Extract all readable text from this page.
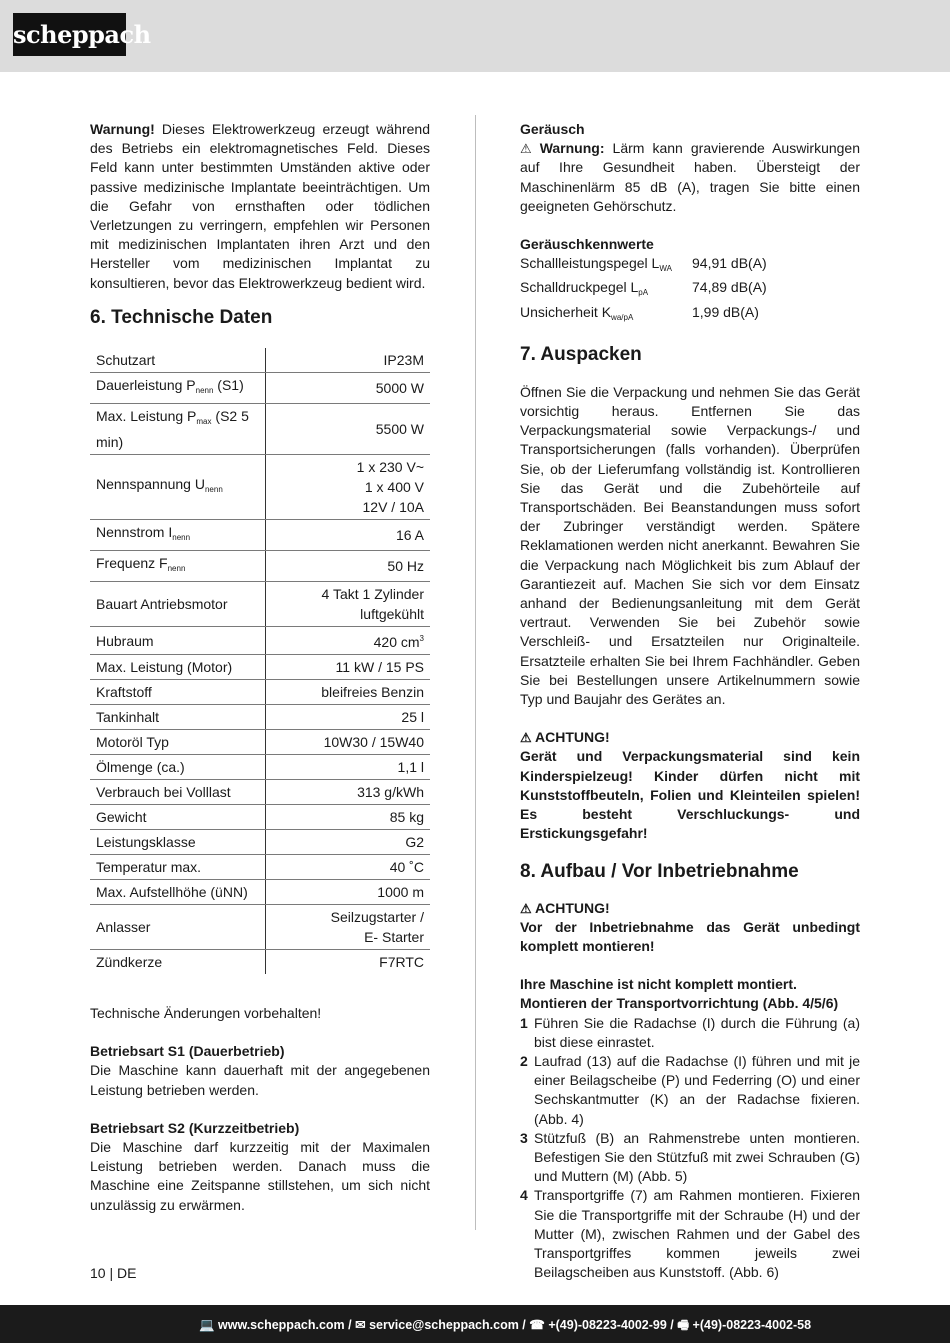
scheppach

Warnung! Dieses Elektrowerkzeug erzeugt während des Betriebs ein elektromagnetisches Feld. Dieses Feld kann unter bestimmten Umständen aktive oder passive medizinische Implantate beeinträchtigen. Um die Gefahr von ernsthaften oder tödlichen Verletzungen zu verringern, empfehlen wir Personen mit medizinischen Implantaten ihren Arzt und den Hersteller vom medizinischen Implantat zu konsultieren, bevor das Elektrowerkzeug bedient wird.

6. Technische Daten
Schutzart	IP23M
Dauerleistung $P_{nenn}$ (S1)	5000 W
Max. Leistung $P_{max}$ (S2 5 min)	5500 W
Nennspannung $U_{nenn}$	1 x 230 V~
1 x 400 V
12V / 10A

Nennstrom $I_{nenn}$	16 A
Frequenz $F_{nenn}$	50 Hz
Bauart Antriebsmotor	4 Takt 1 Zylinder
luftgekühlt

Hubraum	420 $cm^3$
Max. Leistung (Motor)	11 kW / 15 PS
Kraftstoff	bleifreies Benzin
Tankinhalt	25 l
Motoröl Typ	10W30 / 15W40
Ölmenge (ca.)	1,1 l
Verbrauch bei Volllast	313 g/kWh
Gewicht	85 kg
Leistungsklasse	G2
Temperatur max.	40 ˚C
Max. Aufstellhöhe (üNN)	1000 m
Anlasser	Seilzugstarter /
E- Starter

Zündkerze	F7RTC

Technische Änderungen vorbehalten!

Betriebsart S1 (Dauerbetrieb)

Die Maschine kann dauerhaft mit der angegebenen Leistung betrieben werden.

Betriebsart S2 (Kurzzeitbetrieb)

Die Maschine darf kurzzeitig mit der Maximalen Leistung betrieben werden. Danach muss die Maschine eine Zeitspanne stillstehen, um sich nicht unzulässig zu erwärmen.

Geräusch

⚠ Warnung: Lärm kann gravierende Auswirkungen auf Ihre Gesundheit haben. Übersteigt der Maschinenlärm 85 dB (A), tragen Sie bitte einen geeigneten Gehörschutz.

Geräuschkennwerte

Schallleistungspegel $L_{WA}$	94,91 dB(A)
Schalldruckpegel $L_{pA}$	74,89 dB(A)
Unsicherheit $K_{wa/pA}$	1,99 dB(A)
7. Auspacken

Öffnen Sie die Verpackung und nehmen Sie das Gerät vorsichtig heraus. Entfernen Sie das Verpackungsmaterial sowie Verpackungs-/ und Transportsicherungen (falls vorhanden). Überprüfen Sie, ob der Lieferumfang vollständig ist. Kontrollieren Sie das Gerät und die Zubehörteile auf Transportschäden. Bei Beanstandungen muss sofort der Zubringer verständigt werden. Spätere Reklamationen werden nicht anerkannt. Bewahren Sie die Verpackung nach Möglichkeit bis zum Ablauf der Garantiezeit auf. Machen Sie sich vor dem Einsatz anhand der Bedienungsanleitung mit dem Gerät vertraut. Verwenden Sie bei Zubehör sowie Verschleiß- und Ersatzteilen nur Originalteile. Ersatzteile erhalten Sie bei Ihrem Fachhändler. Geben Sie bei Bestellungen unsere Artikelnummern sowie Typ und Baujahr des Gerätes an.

⚠ ACHTUNG!

Gerät und Verpackungsmaterial sind kein Kinderspielzeug! Kinder dürfen nicht mit Kunststoffbeuteln, Folien und Kleinteilen spielen! Es besteht Verschluckungs- und Erstickungsgefahr!

8. Aufbau / Vor Inbetriebnahme

⚠ ACHTUNG!

Vor der Inbetriebnahme das Gerät unbedingt komplett montieren!

Ihre Maschine ist nicht komplett montiert.

Montieren der Transportvorrichtung (Abb. 4/5/6)

1 Führen Sie die Radachse (I) durch die Führung (a) bist diese einrastet.
2 Laufrad (13) auf die Radachse (I) führen und mit je einer Beilagscheibe (P) und Federring (O) und einer Sechskantmutter (K) an der Radachse fixieren. (Abb. 4)
3 Stützfuß (B) an Rahmenstrebe unten montieren. Befestigen Sie den Stützfuß mit zwei Schrauben (G) und Muttern (M) (Abb. 5)
4 Transportgriffe (7) am Rahmen montieren. Fixieren Sie die Transportgriffe mit der Schraube (H) und der Mutter (M), zwischen Rahmen und der Gabel des Transportgriffes kommen jeweils zwei Beilagscheiben aus Kunststoff. (Abb. 6)
10 | DE
💻 www.scheppach.com / ✉ service@scheppach.com / ☎ +(49)-08223-4002-99 / 🖷 +(49)-08223-4002-58
